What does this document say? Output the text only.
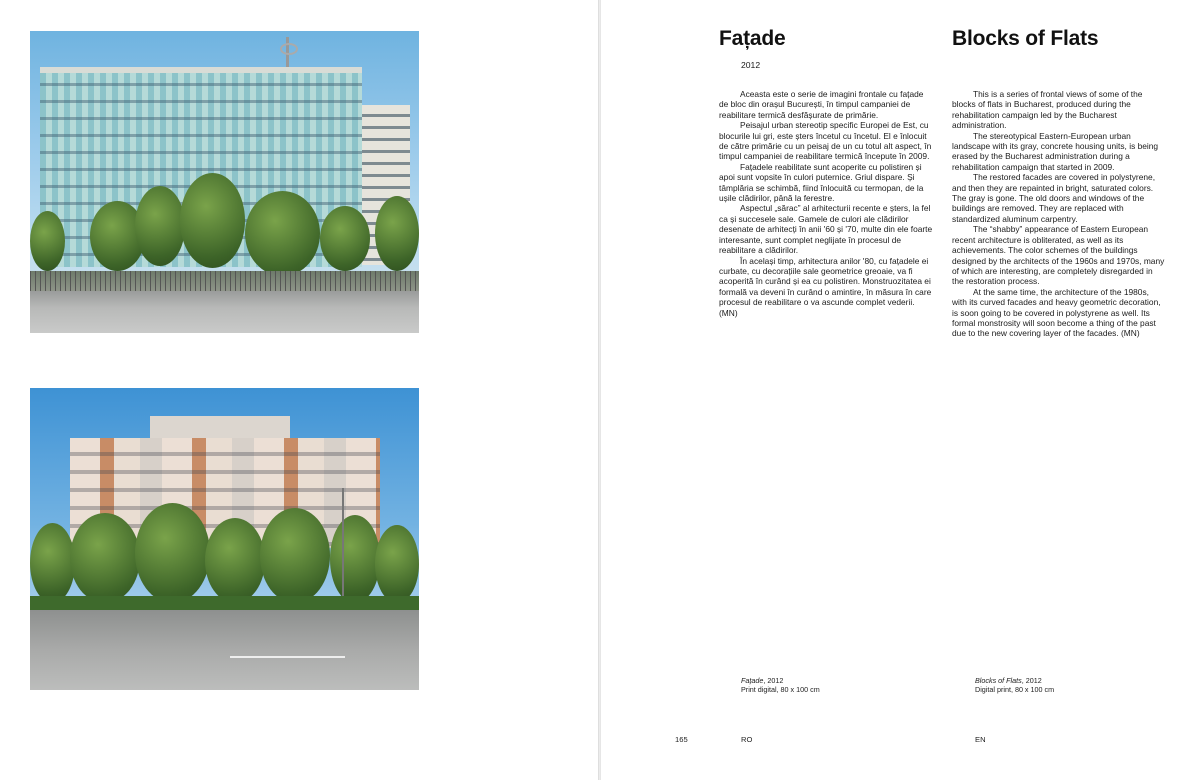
Fațade	Blocks of Flats
2012

Aceasta este o serie de imagini frontale cu fațade de bloc din orașul București, în timpul campaniei de reabilitare termică desfășurate de primărie.

Peisajul urban stereotip specific Europei de Est, cu blocurile lui gri, este șters încetul cu încetul. El e înlocuit de către primărie cu un peisaj de un cu totul alt aspect, în timpul campaniei de reabilitare termică începute în 2009.

Fațadele reabilitate sunt acoperite cu polistiren și apoi sunt vopsite în culori puternice. Griul dispare. Și tâmplăria se schimbă, fiind înlocuită cu termopan, de la ușile clădirilor, până la ferestre.

Aspectul „sărac” al arhitecturii recente e șters, la fel ca și succesele sale. Gamele de culori ale clădirilor desenate de arhitecți în anii '60 și '70, multe din ele foarte interesante, sunt complet neglijate în procesul de reabilitare a clădirilor.

În același timp, arhitectura anilor '80, cu fațadele ei curbate, cu decorațiile sale geometrice greoaie, va fi acoperită în curând și ea cu polistiren. Monstruozitatea ei formală va deveni în curând o amintire, în măsura în care procesul de reabilitare o va ascunde complet vederii. (MN)

This is a series of frontal views of some of the blocks of flats in Bucharest, produced during the rehabilitation campaign led by the Bucharest administration.

The stereotypical Eastern-European urban landscape with its gray, concrete housing units, is being erased by the Bucharest administration during a rehabilitation campaign that started in 2009.

The restored facades are covered in polystyrene, and then they are repainted in bright, saturated colors. The gray is gone. The old doors and windows of the buildings are removed. They are replaced with standardized aluminum carpentry.

The “shabby” appearance of Eastern European recent architecture is obliterated, as well as its achievements. The color schemes of the buildings designed by the architects of the 1960s and 1970s, many of which are interesting, are completely disregarded in the restoration process.

At the same time, the architecture of the 1980s, with its curved facades and heavy geometric decoration, is soon going to be covered in polystyrene as well. Its formal monstrosity will soon become a thing of the past due to the new covering layer of the facades. (MN)

Fațade, 2012
Print digital, 80 x 100 cm
Blocks of Flats, 2012
Digital print, 80 x 100 cm
165	RO	EN
